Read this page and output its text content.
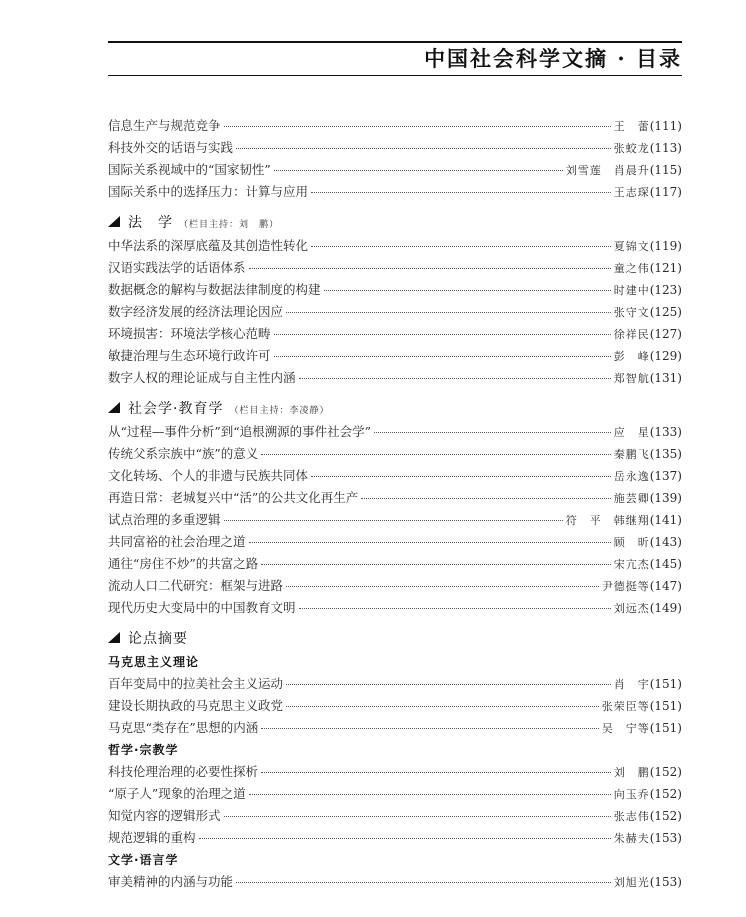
中国社会科学文摘 · 目录
信息生产与规范竞争	王　蕾 (111)
科技外交的话语与实践	张蛟龙 (113)
国际关系视域中的“国家韧性”	刘雪莲　肖晨升 (115)
国际关系中的选择压力：计算与应用	王志琛 (117)
法　学 （栏目主持：刘　鹏）
中华法系的深厚底蕴及其创造性转化	夏锦文 (119)
汉语实践法学的话语体系	童之伟 (121)
数据概念的解构与数据法律制度的构建	时建中 (123)
数字经济发展的经济法理论因应	张守文 (125)
环境损害：环境法学核心范畴	徐祥民 (127)
敏捷治理与生态环境行政许可	彭　峰 (129)
数字人权的理论证成与自主性内涵	郑智航 (131)
社会学·教育学 （栏目主持：李凌静）
从“过程—事件分析”到“追根溯源的事件社会学”	应　星 (133)
传统父系宗族中“族”的意义	秦鹏飞 (135)
文化转场、个人的非遗与民族共同体	岳永逸 (137)
再造日常：老城复兴中“活”的公共文化再生产	施芸卿 (139)
试点治理的多重逻辑	符　平　韩继翔 (141)
共同富裕的社会治理之道	顾　昕 (143)
通往“房住不炒”的共富之路	宋亢杰 (145)
流动人口二代研究：框架与进路	尹德挺等 (147)
现代历史大变局中的中国教育文明	刘远杰 (149)
论点摘要
马克思主义理论
百年变局中的拉美社会主义运动	肖　宇 (151)
建设长期执政的马克思主义政党	张荣臣等 (151)
马克思“类存在”思想的内涵	吴　宁等 (151)
哲学·宗教学
科技伦理治理的必要性探析	刘　鹏 (152)
“原子人”现象的治理之道	向玉乔 (152)
知觉内容的逻辑形式	张志伟 (152)
规范逻辑的重构	朱赫夫 (153)
文学·语言学
审美精神的内涵与功能	刘旭光 (153)
